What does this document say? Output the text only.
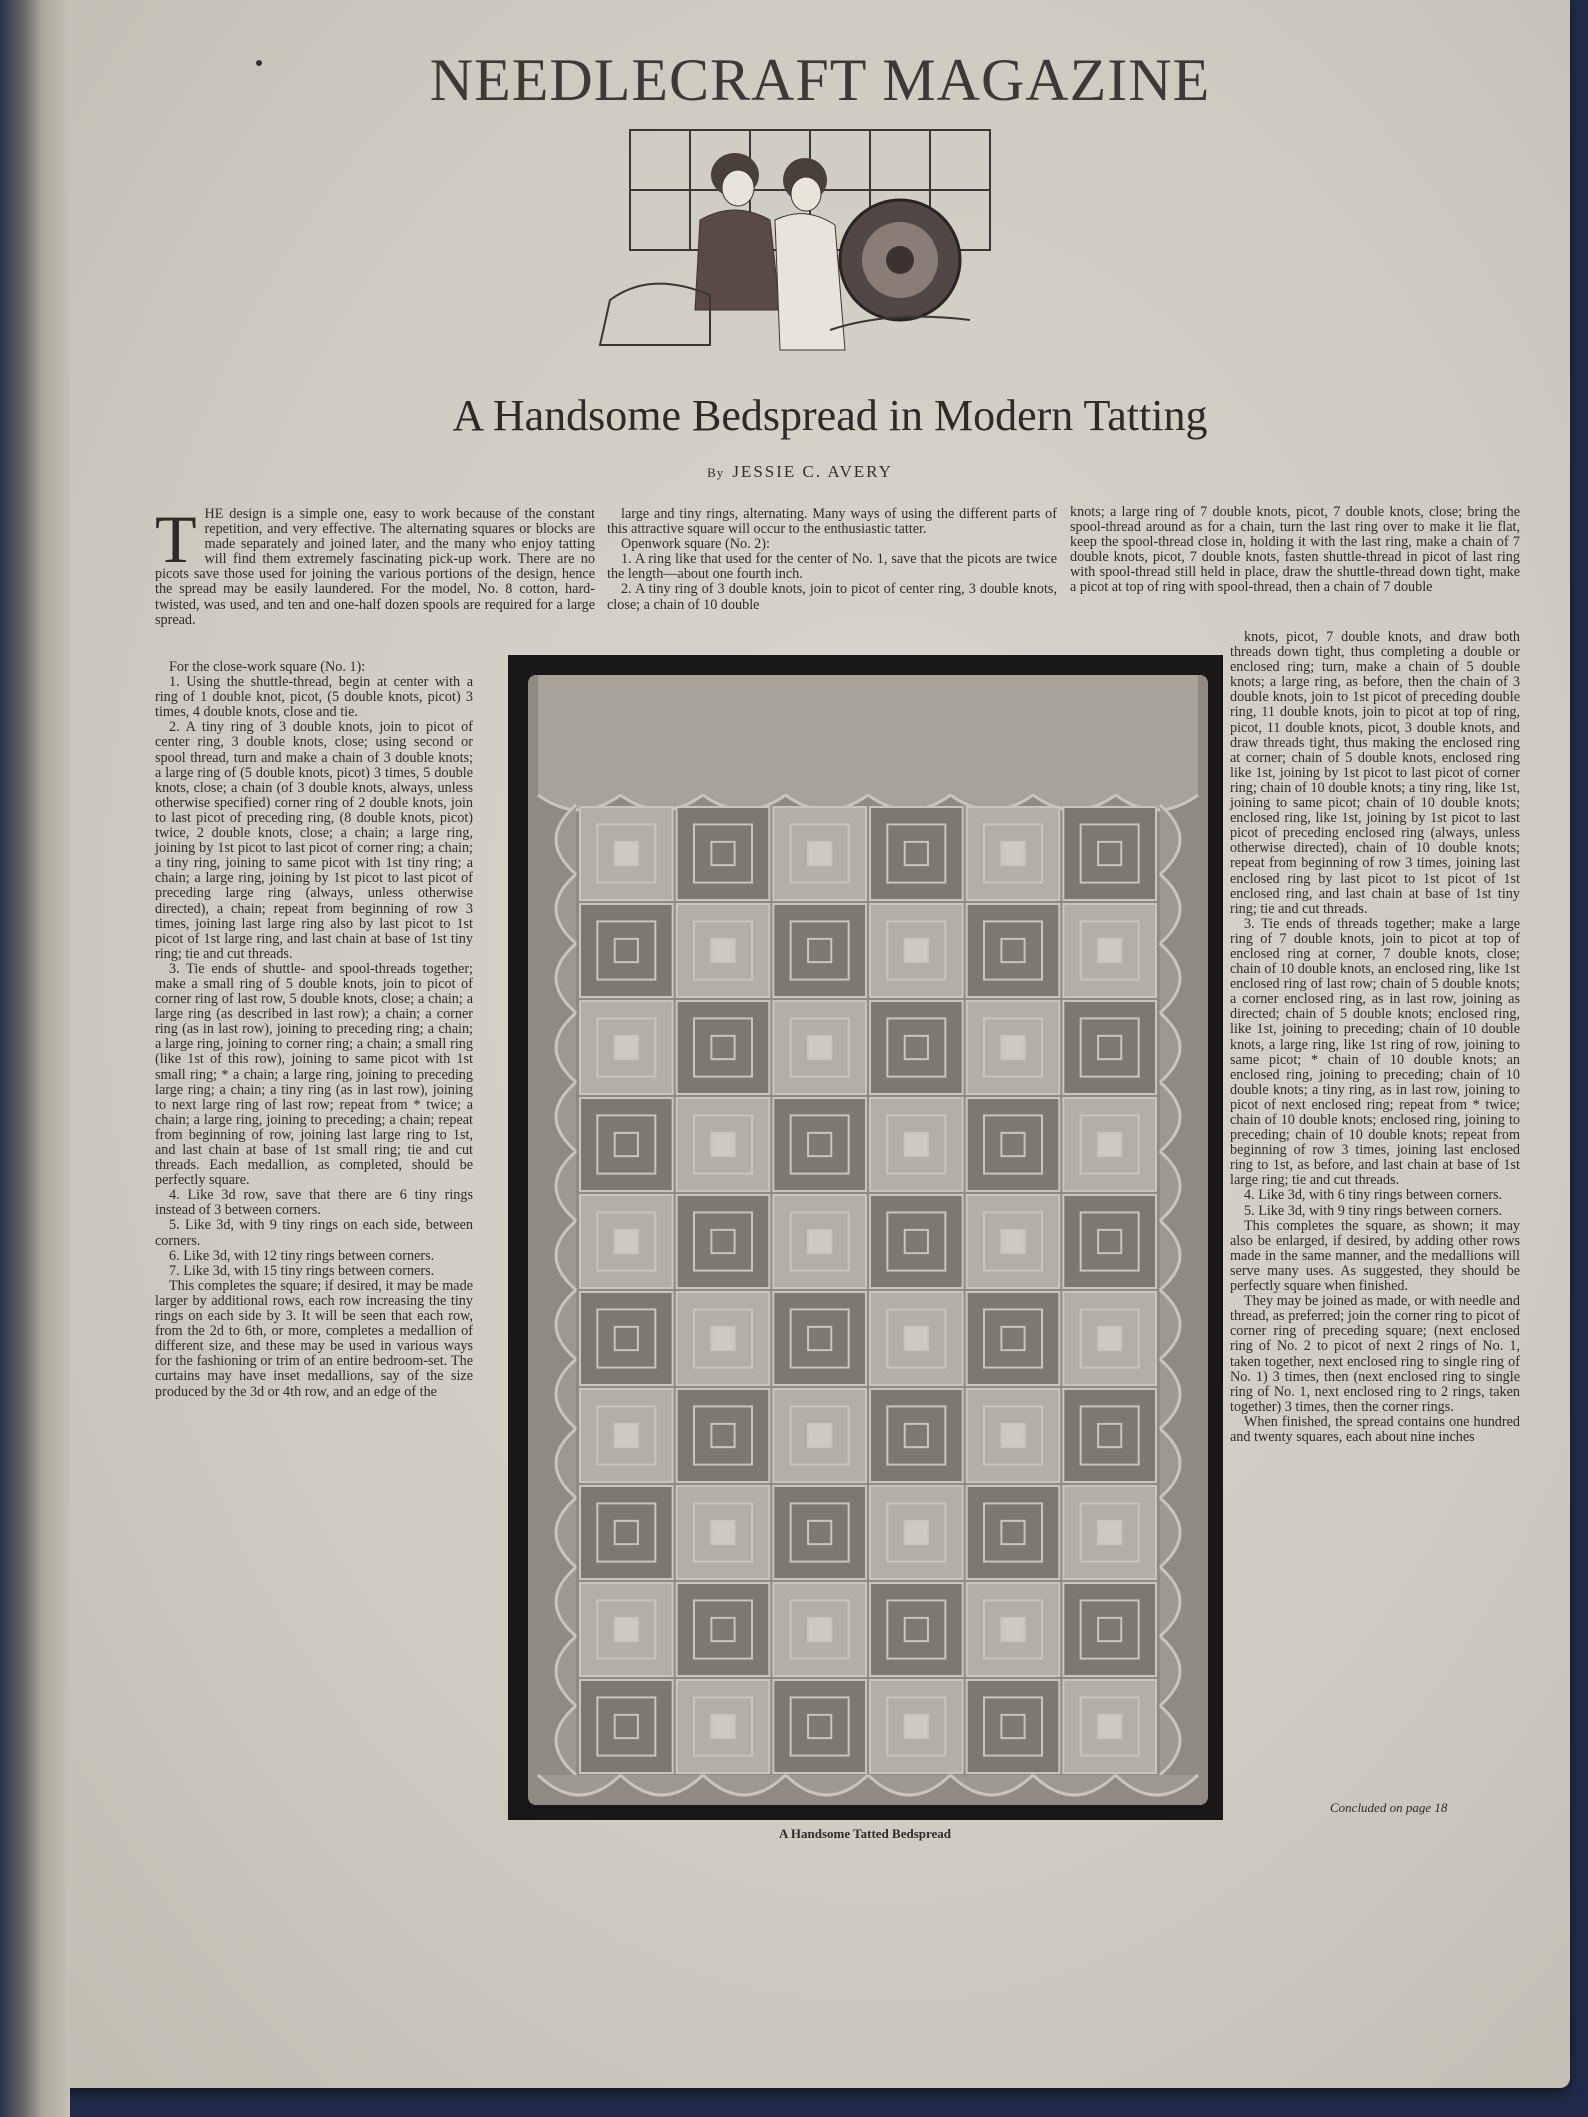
NEEDLECRAFT MAGAZINE
A Handsome Bedspread in Modern Tatting
By JESSIE C. AVERY
T HE design is a simple one, easy to work because of the constant repetition, and very effective. The alternating squares or blocks are made separately and joined later, and the many who enjoy tatting will find them extremely fascinating pick-up work. There are no picots save those used for joining the various portions of the design, hence the spread may be easily laundered. For the model, No. 8 cotton, hard-twisted, was used, and ten and one-half dozen spools are required for a large spread.

For the close-work square (No. 1):

1. Using the shuttle-thread, begin at center with a ring of 1 double knot, picot, (5 double knots, picot) 3 times, 4 double knots, close and tie.

2. A tiny ring of 3 double knots, join to picot of center ring, 3 double knots, close; using second or spool thread, turn and make a chain of 3 double knots; a large ring of (5 double knots, picot) 3 times, 5 double knots, close; a chain (of 3 double knots, always, unless otherwise specified) corner ring of 2 double knots, join to last picot of preceding ring, (8 double knots, picot) twice, 2 double knots, close; a chain; a large ring, joining by 1st picot to last picot of corner ring; a chain; a tiny ring, joining to same picot with 1st tiny ring; a chain; a large ring, joining by 1st picot to last picot of preceding large ring (always, unless otherwise directed), a chain; repeat from beginning of row 3 times, joining last large ring also by last picot to 1st picot of 1st large ring, and last chain at base of 1st tiny ring; tie and cut threads.

3. Tie ends of shuttle- and spool-threads together; make a small ring of 5 double knots, join to picot of corner ring of last row, 5 double knots, close; a chain; a large ring (as described in last row); a chain; a corner ring (as in last row), joining to preceding ring; a chain; a large ring, joining to corner ring; a chain; a small ring (like 1st of this row), joining to same picot with 1st small ring; * a chain; a large ring, joining to preceding large ring; a chain; a tiny ring (as in last row), joining to next large ring of last row; repeat from * twice; a chain; a large ring, joining to preceding; a chain; repeat from beginning of row, joining last large ring to 1st, and last chain at base of 1st small ring; tie and cut threads. Each medallion, as completed, should be perfectly square.

4. Like 3d row, save that there are 6 tiny rings instead of 3 between corners.

5. Like 3d, with 9 tiny rings on each side, between corners.

6. Like 3d, with 12 tiny rings between corners.

7. Like 3d, with 15 tiny rings between corners.

This completes the square; if desired, it may be made larger by additional rows, each row increasing the tiny rings on each side by 3. It will be seen that each row, from the 2d to 6th, or more, completes a medallion of different size, and these may be used in various ways for the fashioning or trim of an entire bedroom-set. The curtains may have inset medallions, say of the size produced by the 3d or 4th row, and an edge of the

large and tiny rings, alternating. Many ways of using the different parts of this attractive square will occur to the enthusiastic tatter.

Openwork square (No. 2):

1. A ring like that used for the center of No. 1, save that the picots are twice the length—about one fourth inch.

2. A tiny ring of 3 double knots, join to picot of center ring, 3 double knots, close; a chain of 10 double

knots; a large ring of 7 double knots, picot, 7 double knots, close; bring the spool-thread around as for a chain, turn the last ring over to make it lie flat, keep the spool-thread close in, holding it with the last ring, make a chain of 7 double knots, picot, 7 double knots, fasten shuttle-thread in picot of last ring with spool-thread still held in place, draw the shuttle-thread down tight, make a picot at top of ring with spool-thread, then a chain of 7 double

knots, picot, 7 double knots, and draw both threads down tight, thus completing a double or enclosed ring; turn, make a chain of 5 double knots; a large ring, as before, then the chain of 3 double knots, join to 1st picot of preceding double ring, 11 double knots, join to picot at top of ring, picot, 11 double knots, picot, 3 double knots, and draw threads tight, thus making the enclosed ring at corner; chain of 5 double knots, enclosed ring like 1st, joining by 1st picot to last picot of corner ring; chain of 10 double knots; a tiny ring, like 1st, joining to same picot; chain of 10 double knots; enclosed ring, like 1st, joining by 1st picot to last picot of preceding enclosed ring (always, unless otherwise directed), chain of 10 double knots; repeat from beginning of row 3 times, joining last enclosed ring by last picot to 1st picot of 1st enclosed ring, and last chain at base of 1st tiny ring; tie and cut threads.

3. Tie ends of threads together; make a large ring of 7 double knots, join to picot at top of enclosed ring at corner, 7 double knots, close; chain of 10 double knots, an enclosed ring, like 1st enclosed ring of last row; chain of 5 double knots; a corner enclosed ring, as in last row, joining as directed; chain of 5 double knots; enclosed ring, like 1st, joining to preceding; chain of 10 double knots, a large ring, like 1st ring of row, joining to same picot; * chain of 10 double knots; an enclosed ring, joining to preceding; chain of 10 double knots; a tiny ring, as in last row, joining to picot of next enclosed ring; repeat from * twice; chain of 10 double knots; enclosed ring, joining to preceding; chain of 10 double knots; repeat from beginning of row 3 times, joining last enclosed ring to 1st, as before, and last chain at base of 1st large ring; tie and cut threads.

4. Like 3d, with 6 tiny rings between corners.

5. Like 3d, with 9 tiny rings between corners.

This completes the square, as shown; it may also be enlarged, if desired, by adding other rows made in the same manner, and the medallions will serve many uses. As suggested, they should be perfectly square when finished.

They may be joined as made, or with needle and thread, as preferred; join the corner ring to picot of corner ring of preceding square; (next enclosed ring of No. 2 to picot of next 2 rings of No. 1, taken together, next enclosed ring to single ring of No. 1) 3 times, then (next enclosed ring to single ring of No. 1, next enclosed ring to 2 rings, taken together) 3 times, then the corner rings.

When finished, the spread contains one hundred and twenty squares, each about nine inches

A Handsome Tatted Bedspread
Concluded on page 18
